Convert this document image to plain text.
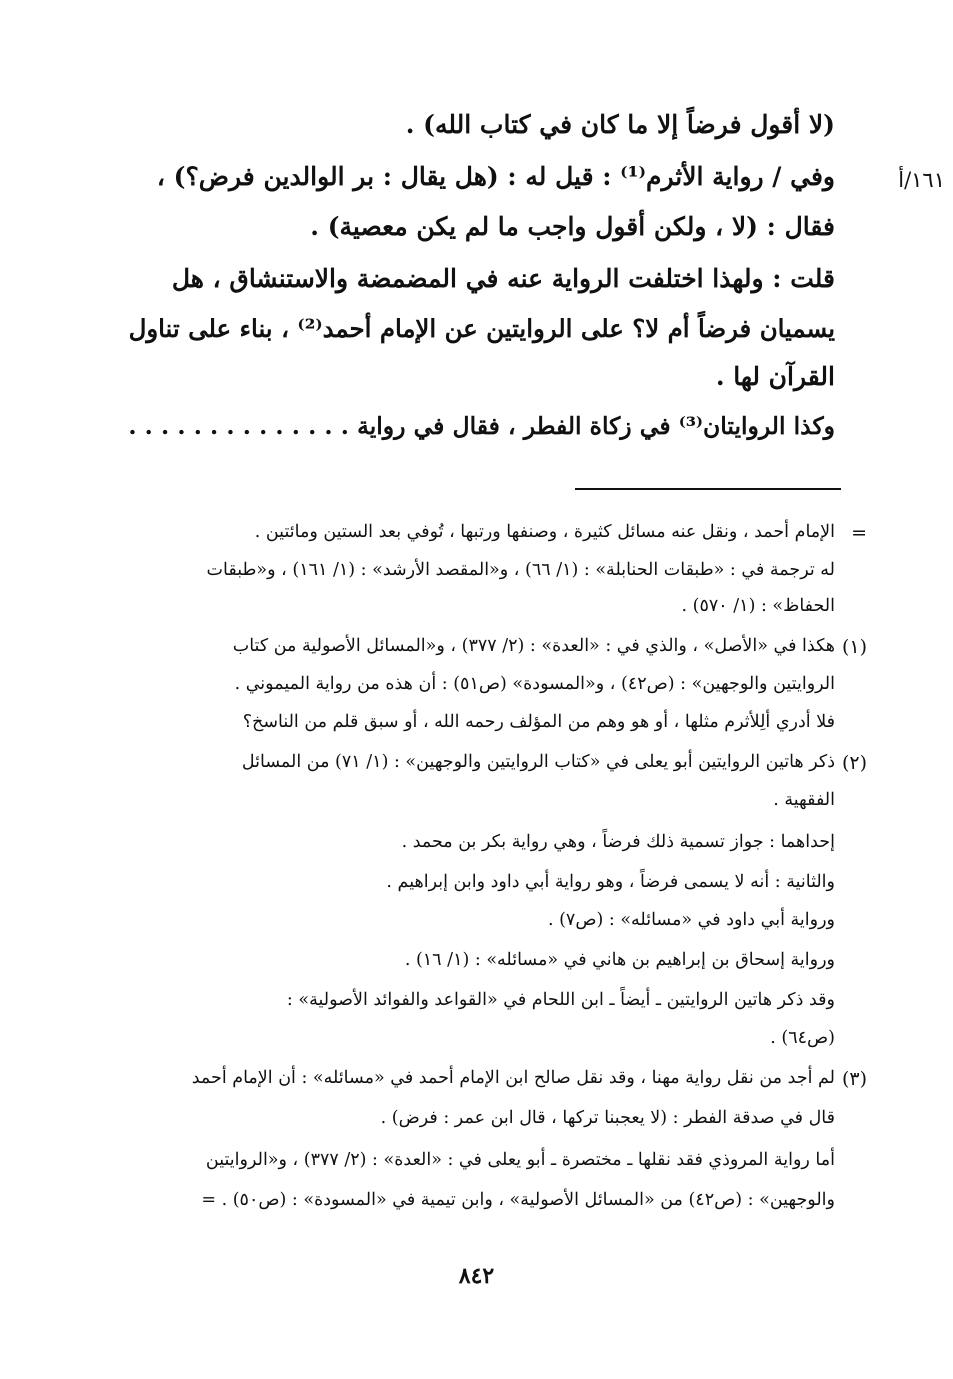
١٦١/أ
(لا أقول فرضاً إلا ما كان في كتاب الله) .
وفي / رواية الأثرم⁽¹⁾ : قيل له : (هل يقال : بر الوالدين فرض؟) ،
فقال : (لا ، ولكن أقول واجب ما لم يكن معصية) .
قلت : ولهذا اختلفت الرواية عنه في المضمضة والاستنشاق ، هل
يسميان فرضاً أم لا؟ على الروايتين عن الإمام أحمد⁽²⁾ ، بناء على تناول
القرآن لها .
وكذا الروايتان⁽³⁾ في زكاة الفطر ، فقال في رواية . . . . . . . . . . . . . .
=
الإمام أحمد ، ونقل عنه مسائل كثيرة ، وصنفها ورتبها ، تُوفي بعد الستين ومائتين .
له ترجمة في : «طبقات الحنابلة» : (١/ ٦٦) ، و«المقصد الأرشد» : (١/ ١٦١) ، و«طبقات
الحفاظ» : (١/ ٥٧٠) .
(١)
هكذا في «الأصل» ، والذي في : «العدة» : (٢/ ٣٧٧) ، و«المسائل الأصولية من كتاب
الروايتين والوجهين» : (ص٤٢) ، و«المسودة» (ص٥١) : أن هذه من رواية الميموني .
فلا أدري ألِلأثرم مثلها ، أو هو وهم من المؤلف رحمه الله ، أو سبق قلم من الناسخ؟
(٢)
ذكر هاتين الروايتين أبو يعلى في «كتاب الروايتين والوجهين» : (١/ ٧١) من المسائل
الفقهية .
إحداهما : جواز تسمية ذلك فرضاً ، وهي رواية بكر بن محمد .
والثانية : أنه لا يسمى فرضاً ، وهو رواية أبي داود وابن إبراهيم .
ورواية أبي داود في «مسائله» : (ص٧) .
ورواية إسحاق بن إبراهيم بن هاني في «مسائله» : (١/ ١٦) .
وقد ذكر هاتين الروايتين ـ أيضاً ـ ابن اللحام في «القواعد والفوائد الأصولية» :
(ص٦٤) .
(٣)
لم أجد من نقل رواية مهنا ، وقد نقل صالح ابن الإمام أحمد في «مسائله» : أن الإمام أحمد
قال في صدقة الفطر : (لا يعجبنا تركها ، قال ابن عمر : فرض) .
أما رواية المروذي فقد نقلها ـ مختصرة ـ أبو يعلى في : «العدة» : (٢/ ٣٧٧) ، و«الروايتين
والوجهين» : (ص٤٢) من «المسائل الأصولية» ، وابن تيمية في «المسودة» : (ص٥٠) . =
٨٤٢
